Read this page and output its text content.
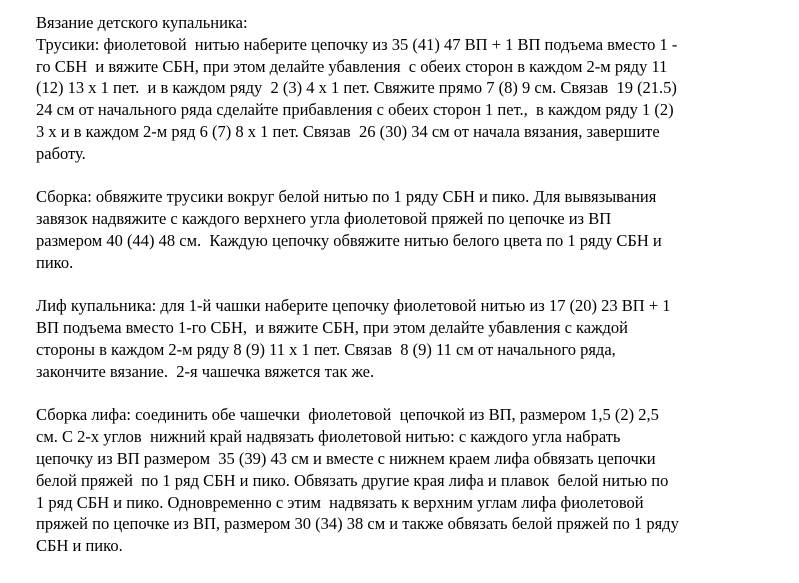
Вязание детского купальника:
Трусики: фиолетовой  нитью наберите цепочку из 35 (41) 47 ВП + 1 ВП подъема вместо 1 -
го СБН  и вяжите СБН, при этом делайте убавления  с обеих сторон в каждом 2-м ряду 11
(12) 13 х 1 пет.  и в каждом ряду  2 (3) 4 х 1 пет. Свяжите прямо 7 (8) 9 см. Связав  19 (21.5)
24 см от начального ряда сделайте прибавления с обеих сторон 1 пет.,  в каждом ряду 1 (2)
3 х и в каждом 2-м ряд 6 (7) 8 х 1 пет. Связав  26 (30) 34 см от начала вязания, завершите
работу.
Сборка: обвяжите трусики вокруг белой нитью по 1 ряду СБН и пико. Для вывязывания
завязок надвяжите с каждого верхнего угла фиолетовой пряжей по цепочке из ВП
размером 40 (44) 48 см.  Каждую цепочку обвяжите нитью белого цвета по 1 ряду СБН и
пико.
Лиф купальника: для 1-й чашки наберите цепочку фиолетовой нитью из 17 (20) 23 ВП + 1
ВП подъема вместо 1-го СБН,  и вяжите СБН, при этом делайте убавления с каждой
стороны в каждом 2-м ряду 8 (9) 11 х 1 пет. Связав  8 (9) 11 см от начального ряда,
закончите вязание.  2-я чашечка вяжется так же.
Сборка лифа: соединить обе чашечки  фиолетовой  цепочкой из ВП, размером 1,5 (2) 2,5
см. С 2-х углов  нижний край надвязать фиолетовой нитью: с каждого угла набрать
цепочку из ВП размером  35 (39) 43 см и вместе с нижнем краем лифа обвязать цепочки
белой пряжей  по 1 ряд СБН и пико. Обвязать другие края лифа и плавок  белой нитью по
1 ряд СБН и пико. Одновременно с этим  надвязать к верхним углам лифа фиолетовой
пряжей по цепочке из ВП, размером 30 (34) 38 см и также обвязать белой пряжей по 1 ряду
СБН и пико.
